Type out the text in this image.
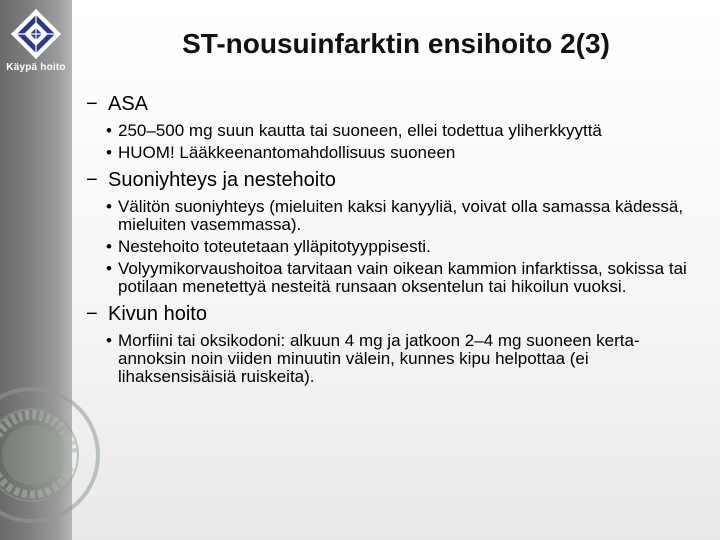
Käypä hoito
ST-nousuinfarktin ensihoito 2(3)

− ASA

• 250–500 mg suun kautta tai suoneen, ellei todettua yliherkkyyttä
• HUOM! Lääkkeenantomahdollisuus suoneen

− Suoniyhteys ja nestehoito

• Välitön suoniyhteys (mieluiten kaksi kanyyliä, voivat olla samassa kädessä, mieluiten vasemmassa).
• Nestehoito toteutetaan ylläpitotyyppisesti.
• Volyymikorvaushoitoa tarvitaan vain oikean kammion infarktissa, sokissa tai potilaan menetettyä nesteitä runsaan oksentelun tai hikoilun vuoksi.

− Kivun hoito

• Morfiini tai oksikodoni: alkuun 4 mg ja jatkoon 2–4 mg suoneen kerta-annoksin noin viiden minuutin välein, kunnes kipu helpottaa (ei lihaksensisäisiä ruiskeita).
